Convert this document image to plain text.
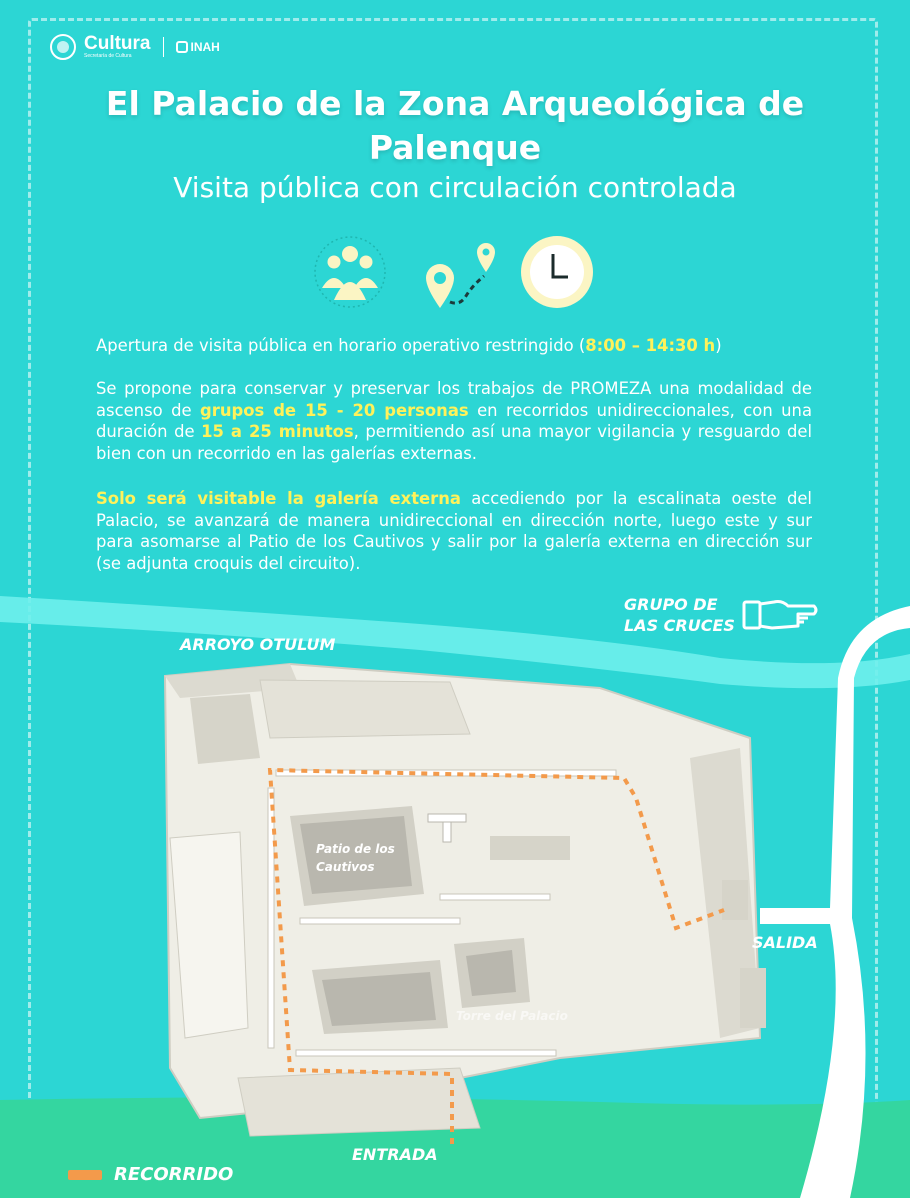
Cultura
Secretaría de Cultura
INAH
El Palacio de la Zona Arqueológica de Palenque
Visita pública con circulación controlada
Apertura de visita pública en horario operativo restringido (8:00 – 14:30 h)
Se propone para conservar y preservar los trabajos de PROMEZA una modalidad de ascenso de grupos de 15 - 20 personas en recorridos unidireccionales, con una duración de 15 a 25 minutos, permitiendo así una mayor vigilancia y resguardo del bien con un recorrido en las galerías externas.
Solo será visitable la galería externa accediendo por la escalinata oeste del Palacio, se avanzará de manera unidireccional en dirección norte, luego este y sur para asomarse al Patio de los Cautivos y salir por la galería externa en dirección sur (se adjunta croquis del circuito).
ARROYO OTULUM
GRUPO DE
LAS CRUCES
SALIDA
ENTRADA
Patio de los Cautivos
Torre del Palacio
RECORRIDO
